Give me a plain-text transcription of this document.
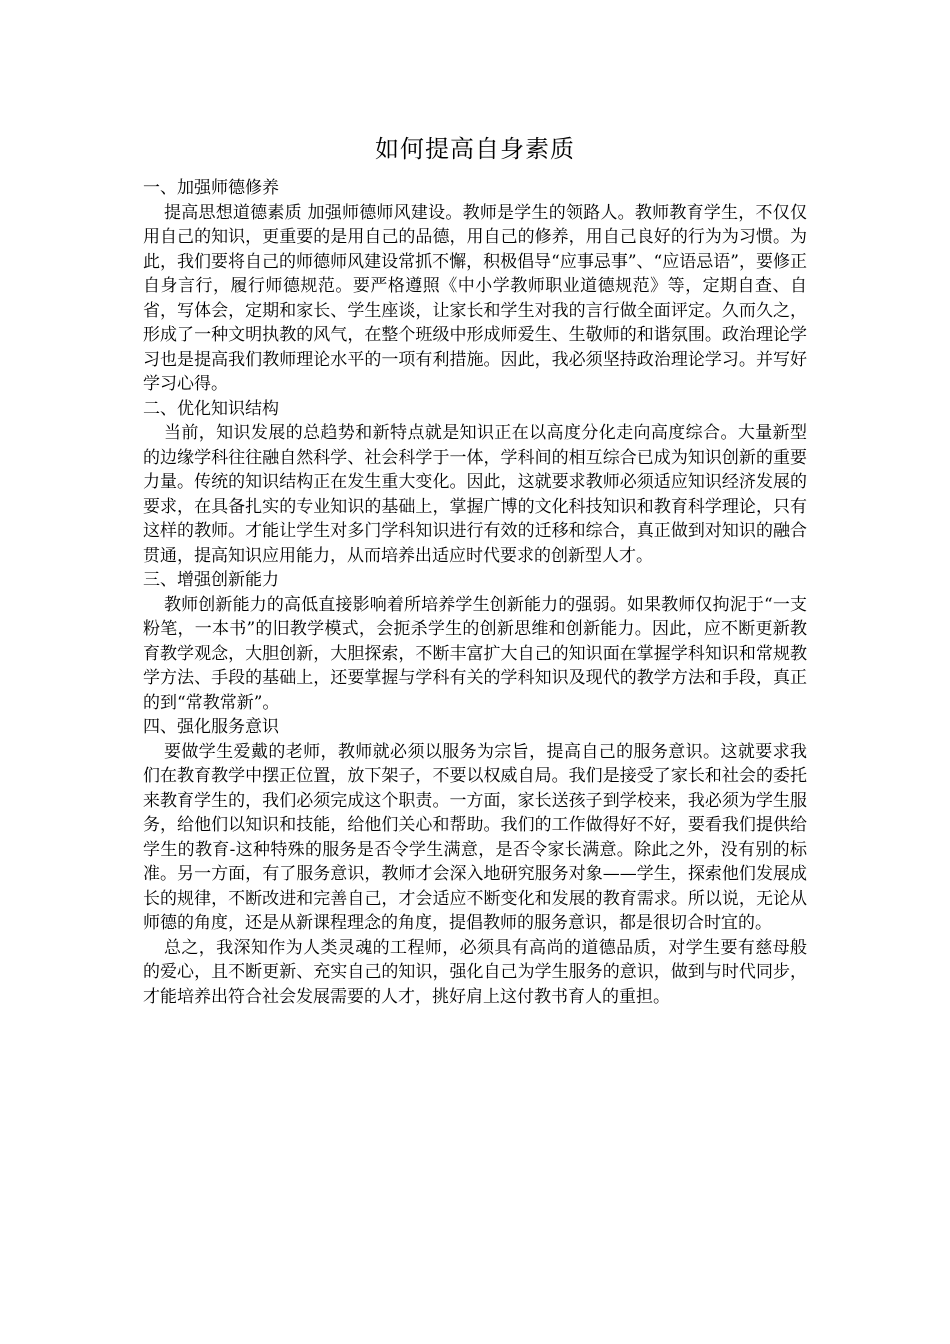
如何提高自身素质
一、加强师德修养

提高思想道德素质 加强师德师风建设。教师是学生的领路人。教师教育学生，不仅仅用自己的知识，更重要的是用自己的品德，用自己的修养，用自己良好的行为为习惯。为此，我们要将自己的师德师风建设常抓不懈，积极倡导“应事忌事”、“应语忌语”，要修正自身言行，履行师德规范。要严格遵照《中小学教师职业道德规范》等，定期自查、自省，写体会，定期和家长、学生座谈，让家长和学生对我的言行做全面评定。久而久之，形成了一种文明执教的风气，在整个班级中形成师爱生、生敬师的和谐氛围。政治理论学习也是提高我们教师理论水平的一项有利措施。因此，我必须坚持政治理论学习。并写好学习心得。

二、优化知识结构

当前，知识发展的总趋势和新特点就是知识正在以高度分化走向高度综合。大量新型的边缘学科往往融自然科学、社会科学于一体，学科间的相互综合已成为知识创新的重要力量。传统的知识结构正在发生重大变化。因此，这就要求教师必须适应知识经济发展的要求，在具备扎实的专业知识的基础上，掌握广博的文化科技知识和教育科学理论，只有这样的教师。才能让学生对多门学科知识进行有效的迁移和综合，真正做到对知识的融合贯通，提高知识应用能力，从而培养出适应时代要求的创新型人才。

三、增强创新能力

教师创新能力的高低直接影响着所培养学生创新能力的强弱。如果教师仅拘泥于“一支粉笔，一本书”的旧教学模式，会扼杀学生的创新思维和创新能力。因此，应不断更新教育教学观念，大胆创新，大胆探索，不断丰富扩大自己的知识面在掌握学科知识和常规教学方法、手段的基础上，还要掌握与学科有关的学科知识及现代的教学方法和手段，真正的到“常教常新”。

四、强化服务意识

要做学生爱戴的老师，教师就必须以服务为宗旨，提高自己的服务意识。这就要求我们在教育教学中摆正位置，放下架子，不要以权威自局。我们是接受了家长和社会的委托来教育学生的，我们必须完成这个职责。一方面，家长送孩子到学校来，我必须为学生服务，给他们以知识和技能，给他们关心和帮助。我们的工作做得好不好，要看我们提供给学生的教育-这种特殊的服务是否令学生满意，是否令家长满意。除此之外，没有别的标准。另一方面，有了服务意识，教师才会深入地研究服务对象——学生，探索他们发展成长的规律，不断改进和完善自己，才会适应不断变化和发展的教育需求。所以说，无论从师德的角度，还是从新课程理念的角度，提倡教师的服务意识，都是很切合时宜的。

总之，我深知作为人类灵魂的工程师，必须具有高尚的道德品质，对学生要有慈母般的爱心，且不断更新、充实自己的知识，强化自己为学生服务的意识，做到与时代同步，才能培养出符合社会发展需要的人才，挑好肩上这付教书育人的重担。
